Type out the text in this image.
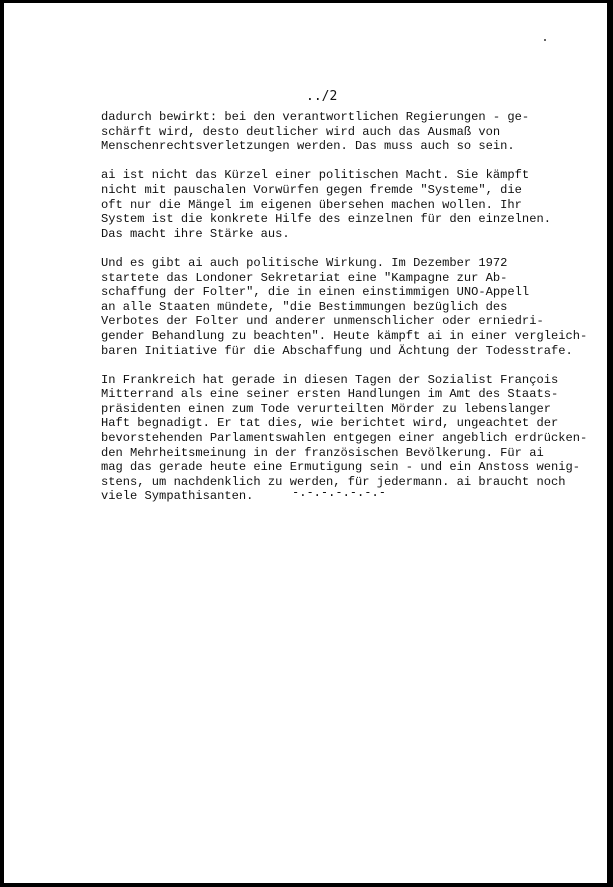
../2

dadurch bewirkt: bei den verantwortlichen Regierungen - ge-
schärft wird, desto deutlicher wird auch das Ausmaß von
Menschenrechtsverletzungen werden. Das muss auch so sein.

ai ist nicht das Kürzel einer politischen Macht. Sie kämpft
nicht mit pauschalen Vorwürfen gegen fremde "Systeme", die
oft nur die Mängel im eigenen übersehen machen wollen. Ihr
System ist die konkrete Hilfe des einzelnen für den einzelnen.
Das macht ihre Stärke aus.

Und es gibt ai auch politische Wirkung. Im Dezember 1972
startete das Londoner Sekretariat eine "Kampagne zur Ab-
schaffung der Folter", die in einen einstimmigen UNO-Appell
an alle Staaten mündete, "die Bestimmungen bezüglich des
Verbotes der Folter und anderer unmenschlicher oder erniedri-
gender Behandlung zu beachten". Heute kämpft ai in einer vergleich-
baren Initiative für die Abschaffung und Ächtung der Todesstrafe.

In Frankreich hat gerade in diesen Tagen der Sozialist François
Mitterrand als eine seiner ersten Handlungen im Amt des Staats-
präsidenten einen zum Tode verurteilten Mörder zu lebenslanger
Haft begnadigt. Er tat dies, wie berichtet wird, ungeachtet der
bevorstehenden Parlamentswahlen entgegen einer angeblich erdrücken-
den Mehrheitsmeinung in der französischen Bevölkerung. Für ai
mag das gerade heute eine Ermutigung sein - und ein Anstoss wenig-
stens, um nachdenklich zu werden, für jedermann. ai braucht noch
viele Sympathisanten.	-.-.-.-.-.-.-
